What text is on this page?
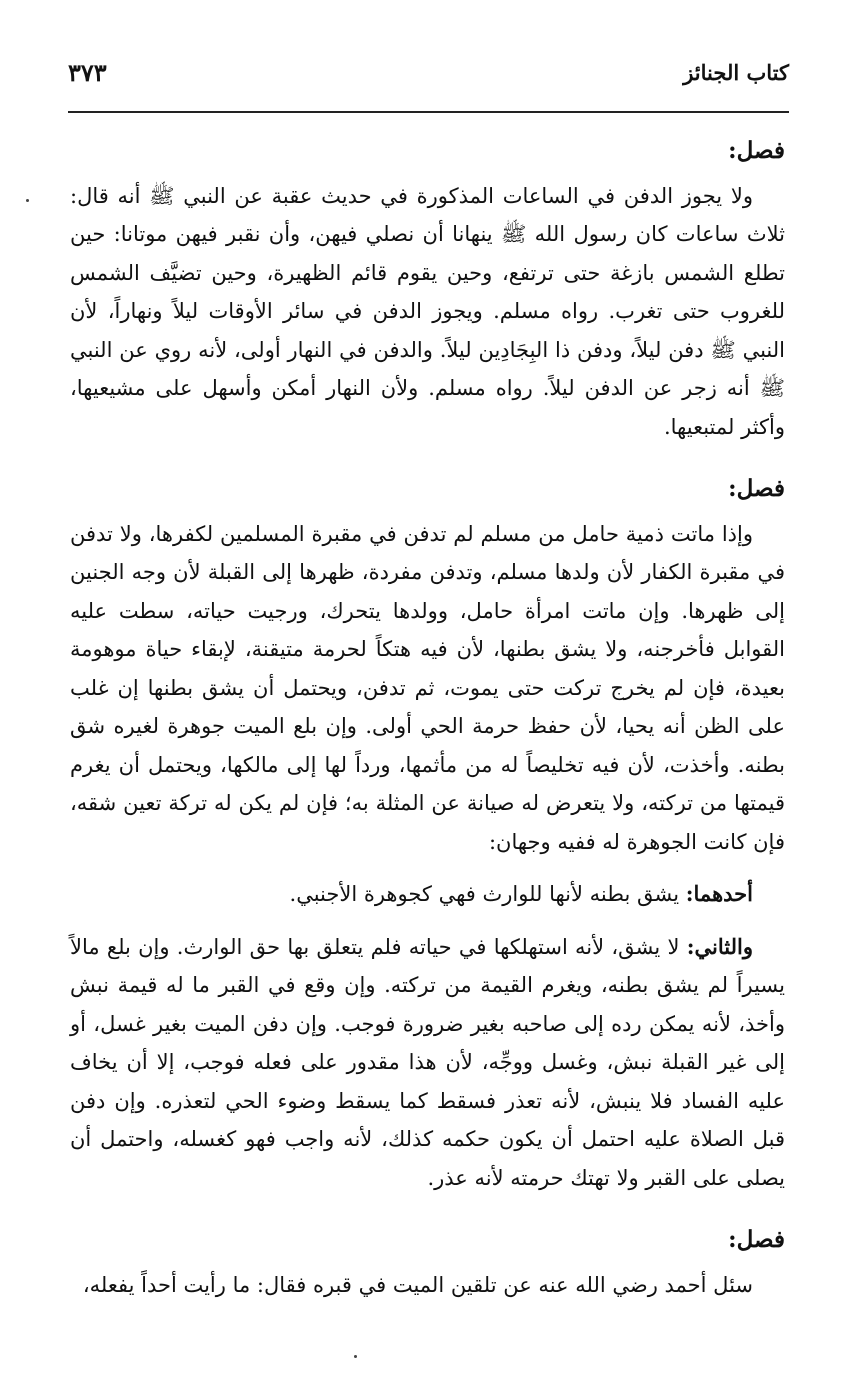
كتاب الجنائز
٣٧٣
فصل:

ولا يجوز الدفن في الساعات المذكورة في حديث عقبة عن النبي ﷺ أنه قال: ثلاث ساعات كان رسول الله ﷺ ينهانا أن نصلي فيهن، وأن نقبر فيهن موتانا: حين تطلع الشمس بازغة حتى ترتفع، وحين يقوم قائم الظهيرة، وحين تضيَّف الشمس للغروب حتى تغرب. رواه مسلم. ويجوز الدفن في سائر الأوقات ليلاً ونهاراً، لأن النبي ﷺ دفن ليلاً، ودفن ذا البِجَادِين ليلاً. والدفن في النهار أولى، لأنه روي عن النبي ﷺ أنه زجر عن الدفن ليلاً. رواه مسلم. ولأن النهار أمكن وأسهل على مشيعيها، وأكثر لمتبعيها.

فصل:

وإذا ماتت ذمية حامل من مسلم لم تدفن في مقبرة المسلمين لكفرها، ولا تدفن في مقبرة الكفار لأن ولدها مسلم، وتدفن مفردة، ظهرها إلى القبلة لأن وجه الجنين إلى ظهرها. وإن ماتت امرأة حامل، وولدها يتحرك، ورجيت حياته، سطت عليه القوابل فأخرجنه، ولا يشق بطنها، لأن فيه هتكاً لحرمة متيقنة، لإبقاء حياة موهومة بعيدة، فإن لم يخرج تركت حتى يموت، ثم تدفن، ويحتمل أن يشق بطنها إن غلب على الظن أنه يحيا، لأن حفظ حرمة الحي أولى. وإن بلع الميت جوهرة لغيره شق بطنه. وأخذت، لأن فيه تخليصاً له من مأثمها، ورداً لها إلى مالكها، ويحتمل أن يغرم قيمتها من تركته، ولا يتعرض له صيانة عن المثلة به؛ فإن لم يكن له تركة تعين شقه، فإن كانت الجوهرة له ففيه وجهان:

أحدهما: يشق بطنه لأنها للوارث فهي كجوهرة الأجنبي.

والثاني: لا يشق، لأنه استهلكها في حياته فلم يتعلق بها حق الوارث. وإن بلع مالاً يسيراً لم يشق بطنه، ويغرم القيمة من تركته. وإن وقع في القبر ما له قيمة نبش وأخذ، لأنه يمكن رده إلى صاحبه بغير ضرورة فوجب. وإن دفن الميت بغير غسل، أو إلى غير القبلة نبش، وغسل ووجِّه، لأن هذا مقدور على فعله فوجب، إلا أن يخاف عليه الفساد فلا ينبش، لأنه تعذر فسقط كما يسقط وضوء الحي لتعذره. وإن دفن قبل الصلاة عليه احتمل أن يكون حكمه كذلك، لأنه واجب فهو كغسله، واحتمل أن يصلى على القبر ولا تهتك حرمته لأنه عذر.

فصل:

سئل أحمد رضي الله عنه عن تلقين الميت في قبره فقال: ما رأيت أحداً يفعله،
